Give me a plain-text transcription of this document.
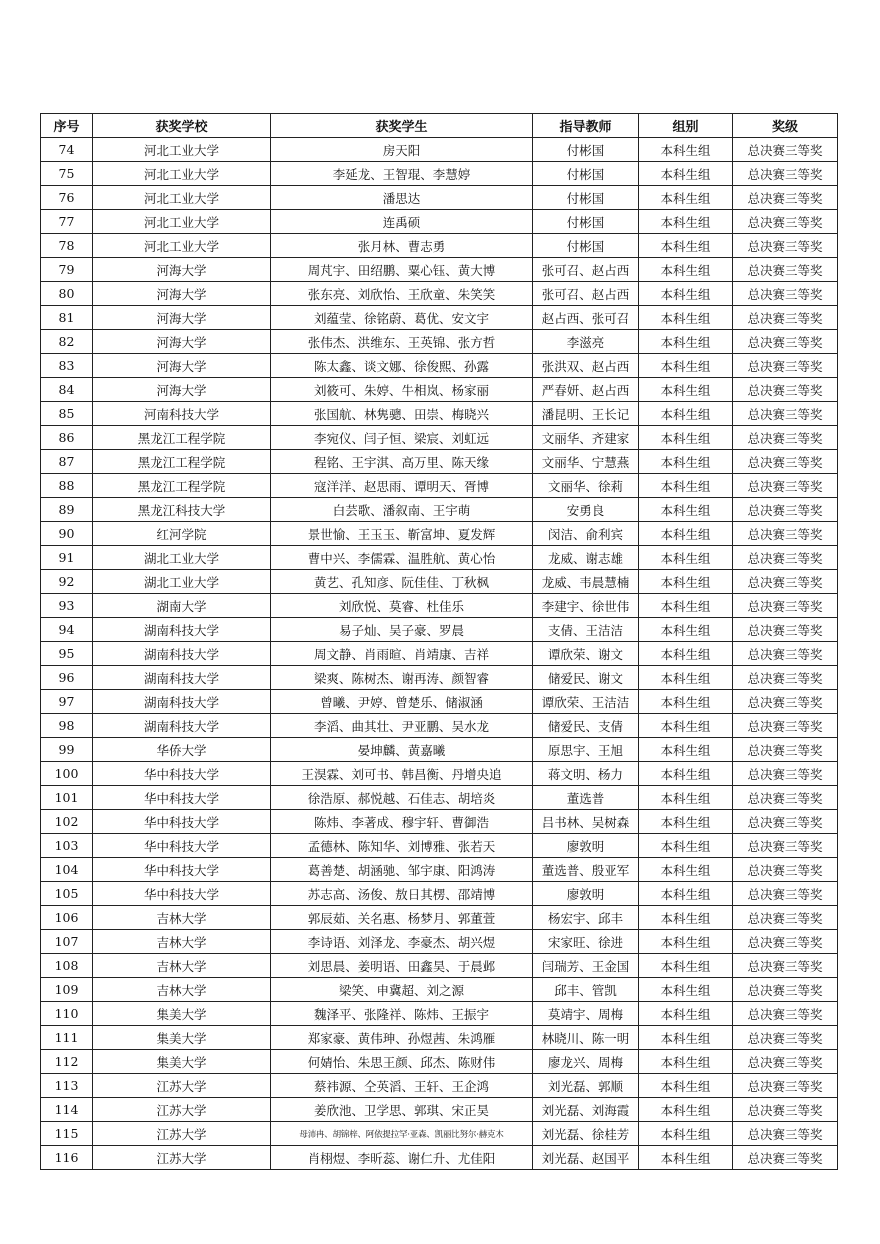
序号	获奖学校	获奖学生	指导教师	组别	奖级
74	河北工业大学	房天阳	付彬国	本科生组	总决赛三等奖
75	河北工业大学	李延龙、王智琨、李慧婷	付彬国	本科生组	总决赛三等奖
76	河北工业大学	潘思达	付彬国	本科生组	总决赛三等奖
77	河北工业大学	连禹硕	付彬国	本科生组	总决赛三等奖
78	河北工业大学	张月林、曹志勇	付彬国	本科生组	总决赛三等奖
79	河海大学	周芃宇、田绍鹏、粟心钰、黄大博	张可召、赵占西	本科生组	总决赛三等奖
80	河海大学	张东亮、刘欣怡、王欣童、朱笑笑	张可召、赵占西	本科生组	总决赛三等奖
81	河海大学	刘蕴莹、徐铭蔚、葛优、安文宇	赵占西、张可召	本科生组	总决赛三等奖
82	河海大学	张伟杰、洪维东、王英锦、张方哲	李滋亮	本科生组	总决赛三等奖
83	河海大学	陈太鑫、谈文娜、徐俊熙、孙露	张洪双、赵占西	本科生组	总决赛三等奖
84	河海大学	刘筱可、朱婷、牛相岚、杨家丽	严春妍、赵占西	本科生组	总决赛三等奖
85	河南科技大学	张国航、林隽骢、田崇、梅晓兴	潘昆明、王长记	本科生组	总决赛三等奖
86	黑龙江工程学院	李宛仪、闫子恒、梁宸、刘虹远	文丽华、齐建家	本科生组	总决赛三等奖
87	黑龙江工程学院	程铭、王宇淇、高万里、陈天缘	文丽华、宁慧燕	本科生组	总决赛三等奖
88	黑龙江工程学院	寇洋洋、赵思雨、谭明天、胥博	文丽华、徐莉	本科生组	总决赛三等奖
89	黑龙江科技大学	白芸歌、潘叙南、王宇萌	安勇良	本科生组	总决赛三等奖
90	红河学院	景世愉、王玉玉、靳富坤、夏发辉	闵洁、俞利宾	本科生组	总决赛三等奖
91	湖北工业大学	曹中兴、李儒霖、温胜航、黄心怡	龙威、谢志雄	本科生组	总决赛三等奖
92	湖北工业大学	黄艺、孔知彦、阮佳佳、丁秋枫	龙威、韦晨慧楠	本科生组	总决赛三等奖
93	湖南大学	刘欣悦、莫睿、杜佳乐	李建宇、徐世伟	本科生组	总决赛三等奖
94	湖南科技大学	易子灿、吴子豪、罗晨	支倩、王洁洁	本科生组	总决赛三等奖
95	湖南科技大学	周文静、肖雨暄、肖靖康、吉祥	谭欣荣、谢文	本科生组	总决赛三等奖
96	湖南科技大学	梁爽、陈树杰、谢再涛、颜智睿	储爱民、谢文	本科生组	总决赛三等奖
97	湖南科技大学	曾曦、尹婷、曾楚乐、储淑涵	谭欣荣、王洁洁	本科生组	总决赛三等奖
98	湖南科技大学	李滔、曲其壮、尹亚鹏、吴水龙	储爱民、支倩	本科生组	总决赛三等奖
99	华侨大学	晏坤麟、黄嘉曦	原思宇、王旭	本科生组	总决赛三等奖
100	华中科技大学	王淏霖、刘可书、韩昌衡、丹增央追	蒋文明、杨力	本科生组	总决赛三等奖
101	华中科技大学	徐浩原、郝悦越、石佳志、胡培炎	董选普	本科生组	总决赛三等奖
102	华中科技大学	陈炜、李著成、穆宇轩、曹御浩	吕书林、吴树森	本科生组	总决赛三等奖
103	华中科技大学	孟德林、陈知华、刘博雅、张若天	廖敦明	本科生组	总决赛三等奖
104	华中科技大学	葛善楚、胡涵驰、邹宇康、阳鸿涛	董选普、殷亚军	本科生组	总决赛三等奖
105	华中科技大学	苏志高、汤俊、敖日其楞、邵靖博	廖敦明	本科生组	总决赛三等奖
106	吉林大学	郭辰茹、关名惠、杨梦月、郭董萱	杨宏宇、邱丰	本科生组	总决赛三等奖
107	吉林大学	李诗语、刘泽龙、李豪杰、胡兴煜	宋家旺、徐进	本科生组	总决赛三等奖
108	吉林大学	刘思晨、姜明语、田鑫昊、于晨邺	闫瑞芳、王金国	本科生组	总决赛三等奖
109	吉林大学	梁笑、申冀超、刘之源	邱丰、管凯	本科生组	总决赛三等奖
110	集美大学	魏泽平、张隆祥、陈炜、王振宇	莫靖宇、周梅	本科生组	总决赛三等奖
111	集美大学	郑家豪、黄伟珅、孙煜茜、朱鸿雁	林晓川、陈一明	本科生组	总决赛三等奖
112	集美大学	何婧怡、朱思王颜、邱杰、陈财伟	廖龙兴、周梅	本科生组	总决赛三等奖
113	江苏大学	蔡祎源、仝英滔、王轩、王企鸿	刘光磊、郭顺	本科生组	总决赛三等奖
114	江苏大学	姜欣池、卫学思、郭琪、宋正昊	刘光磊、刘海霞	本科生组	总决赛三等奖
115	江苏大学	母沛冉、胡锦梓、阿依提拉罕·亚森、凯丽比努尔·赫克木	刘光磊、徐桂芳	本科生组	总决赛三等奖
116	江苏大学	肖栩煜、李昕蕊、谢仁升、尤佳阳	刘光磊、赵国平	本科生组	总决赛三等奖
